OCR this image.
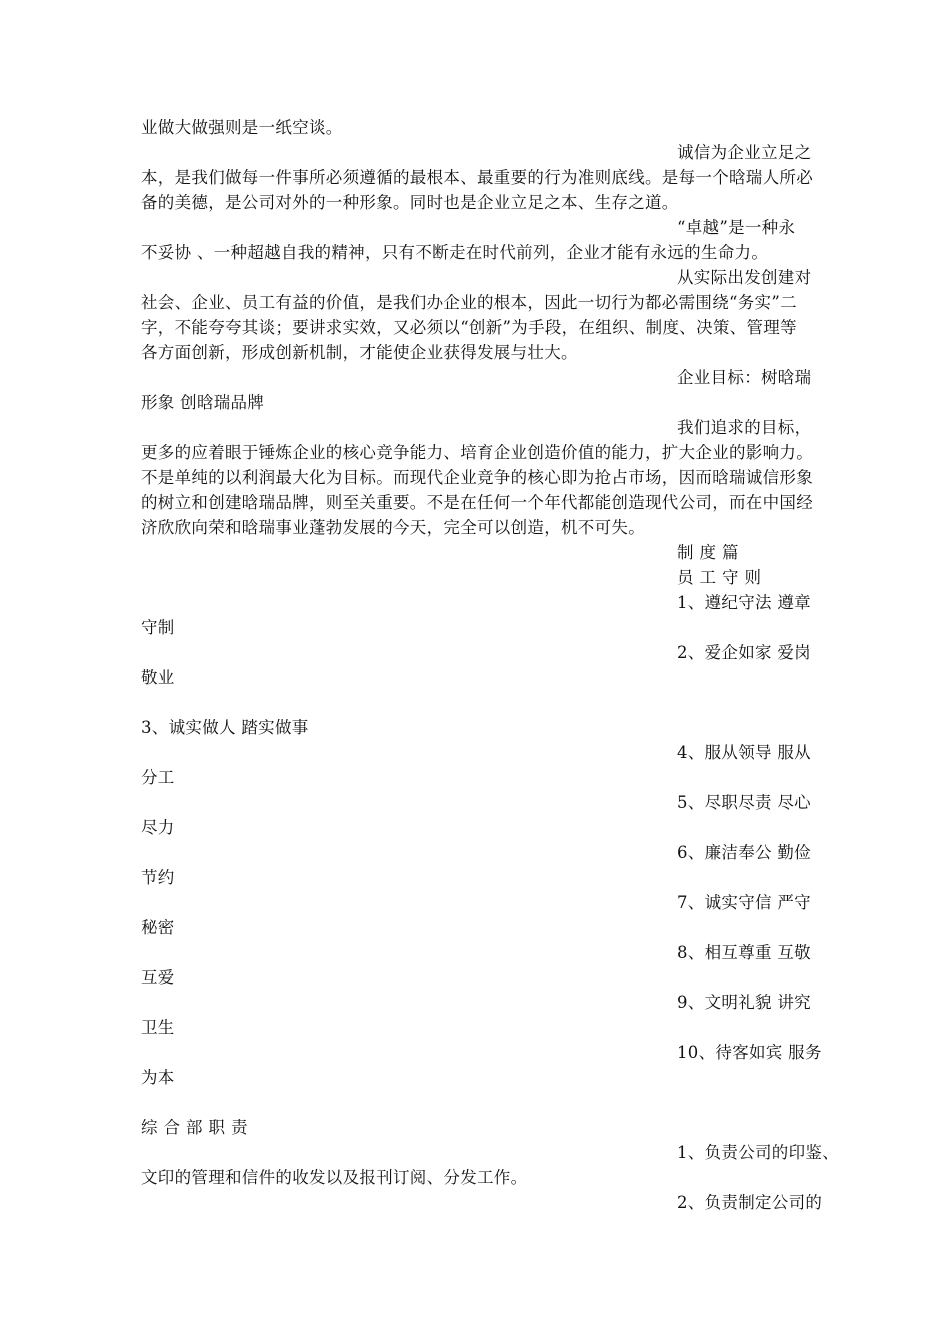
业做大做强则是一纸空谈。
诚信为企业立足之
本，是我们做每一件事所必须遵循的最根本、最重要的行为准则底线。是每一个晗瑞人所必
备的美德，是公司对外的一种形象。同时也是企业立足之本、生存之道。
“卓越”是一种永
不妥协 、一种超越自我的精神，只有不断走在时代前列，企业才能有永远的生命力。
从实际出发创建对
社会、企业、员工有益的价值，是我们办企业的根本，因此一切行为都必需围绕“务实”二
字，不能夸夸其谈；要讲求实效，又必须以“创新”为手段，在组织、制度、决策、管理等
各方面创新，形成创新机制，才能使企业获得发展与壮大。
企业目标：树晗瑞
形象 创晗瑞品牌
我们追求的目标，
更多的应着眼于锤炼企业的核心竞争能力、培育企业创造价值的能力，扩大企业的影响力。
不是单纯的以利润最大化为目标。而现代企业竞争的核心即为抢占市场，因而晗瑞诚信形象
的树立和创建晗瑞品牌，则至关重要。不是在任何一个年代都能创造现代公司，而在中国经
济欣欣向荣和晗瑞事业蓬勃发展的今天，完全可以创造，机不可失。
制度篇
员工守则
1、遵纪守法 遵章
守制
2、爱企如家 爱岗
敬业
3、诚实做人 踏实做事
4、服从领导 服从
分工
5、尽职尽责 尽心
尽力
6、廉洁奉公 勤俭
节约
7、诚实守信 严守
秘密
8、相互尊重 互敬
互爱
9、文明礼貌 讲究
卫生
10、待客如宾 服务
为本
综合部职责
1、负责公司的印鉴、
文印的管理和信件的收发以及报刊订阅、分发工作。
2、负责制定公司的
